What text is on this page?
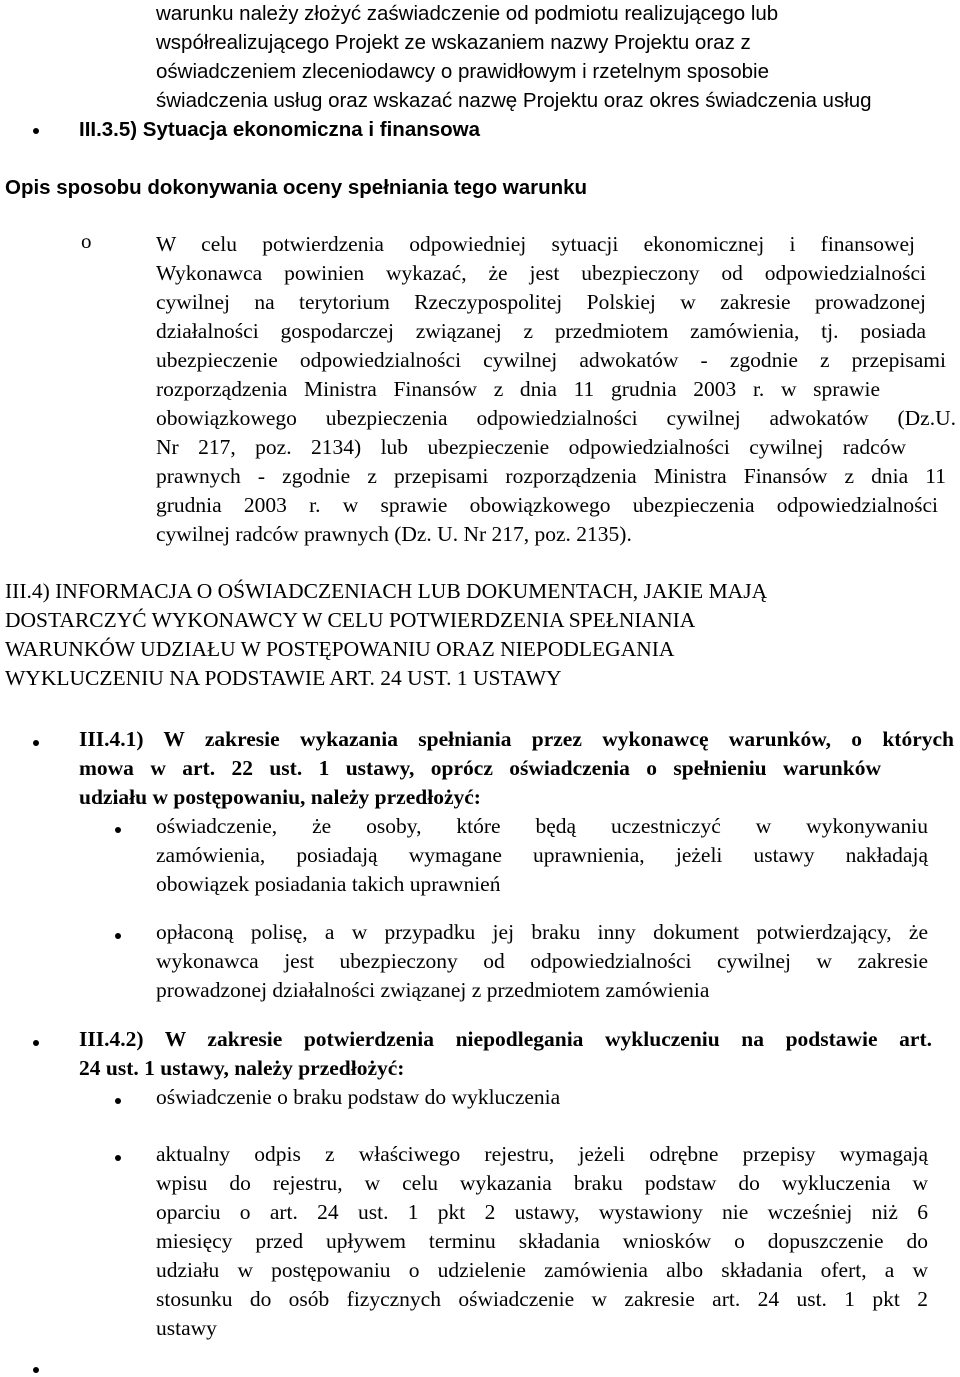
warunku należy złożyć zaświadczenie od podmiotu realizującego lub
współrealizującego Projekt ze wskazaniem nazwy Projektu oraz z
oświadczeniem zleceniodawcy o prawidłowym i rzetelnym sposobie
świadczenia usług oraz wskazać nazwę Projektu oraz okres świadczenia usług
III.3.5) Sytuacja ekonomiczna i finansowa
Opis sposobu dokonywania oceny spełniania tego warunku
o	W celu potwierdzenia odpowiedniej sytuacji ekonomicznej i finansowej
Wykonawca powinien wykazać, że jest ubezpieczony od odpowiedzialności
cywilnej na terytorium Rzeczypospolitej Polskiej w zakresie prowadzonej
działalności gospodarczej związanej z przedmiotem zamówienia, tj. posiada
ubezpieczenie odpowiedzialności cywilnej adwokatów - zgodnie z przepisami
rozporządzenia Ministra Finansów z dnia 11 grudnia 2003 r. w sprawie
obowiązkowego ubezpieczenia odpowiedzialności cywilnej adwokatów (Dz.U.
Nr 217, poz. 2134) lub ubezpieczenie odpowiedzialności cywilnej radców
prawnych - zgodnie z przepisami rozporządzenia Ministra Finansów z dnia 11
grudnia 2003 r. w sprawie obowiązkowego ubezpieczenia odpowiedzialności
cywilnej radców prawnych (Dz. U. Nr 217, poz. 2135).
III.4) INFORMACJA O OŚWIADCZENIACH LUB DOKUMENTACH, JAKIE MAJĄ
DOSTARCZYĆ WYKONAWCY W CELU POTWIERDZENIA SPEŁNIANIA
WARUNKÓW UDZIAŁU W POSTĘPOWANIU ORAZ NIEPODLEGANIA
WYKLUCZENIU NA PODSTAWIE ART. 24 UST. 1 USTAWY
III.4.1) W zakresie wykazania spełniania przez wykonawcę warunków, o których
mowa w art. 22 ust. 1 ustawy, oprócz oświadczenia o spełnieniu warunków
udziału w postępowaniu, należy przedłożyć:
oświadczenie, że osoby, które będą uczestniczyć w wykonywaniu
zamówienia, posiadają wymagane uprawnienia, jeżeli ustawy nakładają
obowiązek posiadania takich uprawnień
opłaconą polisę, a w przypadku jej braku inny dokument potwierdzający, że
wykonawca jest ubezpieczony od odpowiedzialności cywilnej w zakresie
prowadzonej działalności związanej z przedmiotem zamówienia
III.4.2) W zakresie potwierdzenia niepodlegania wykluczeniu na podstawie art.
24 ust. 1 ustawy, należy przedłożyć:
oświadczenie o braku podstaw do wykluczenia
aktualny odpis z właściwego rejestru, jeżeli odrębne przepisy wymagają
wpisu do rejestru, w celu wykazania braku podstaw do wykluczenia w
oparciu o art. 24 ust. 1 pkt 2 ustawy, wystawiony nie wcześniej niż 6
miesięcy przed upływem terminu składania wniosków o dopuszczenie do
udziału w postępowaniu o udzielenie zamówienia albo składania ofert, a w
stosunku do osób fizycznych oświadczenie w zakresie art. 24 ust. 1 pkt 2
ustawy
